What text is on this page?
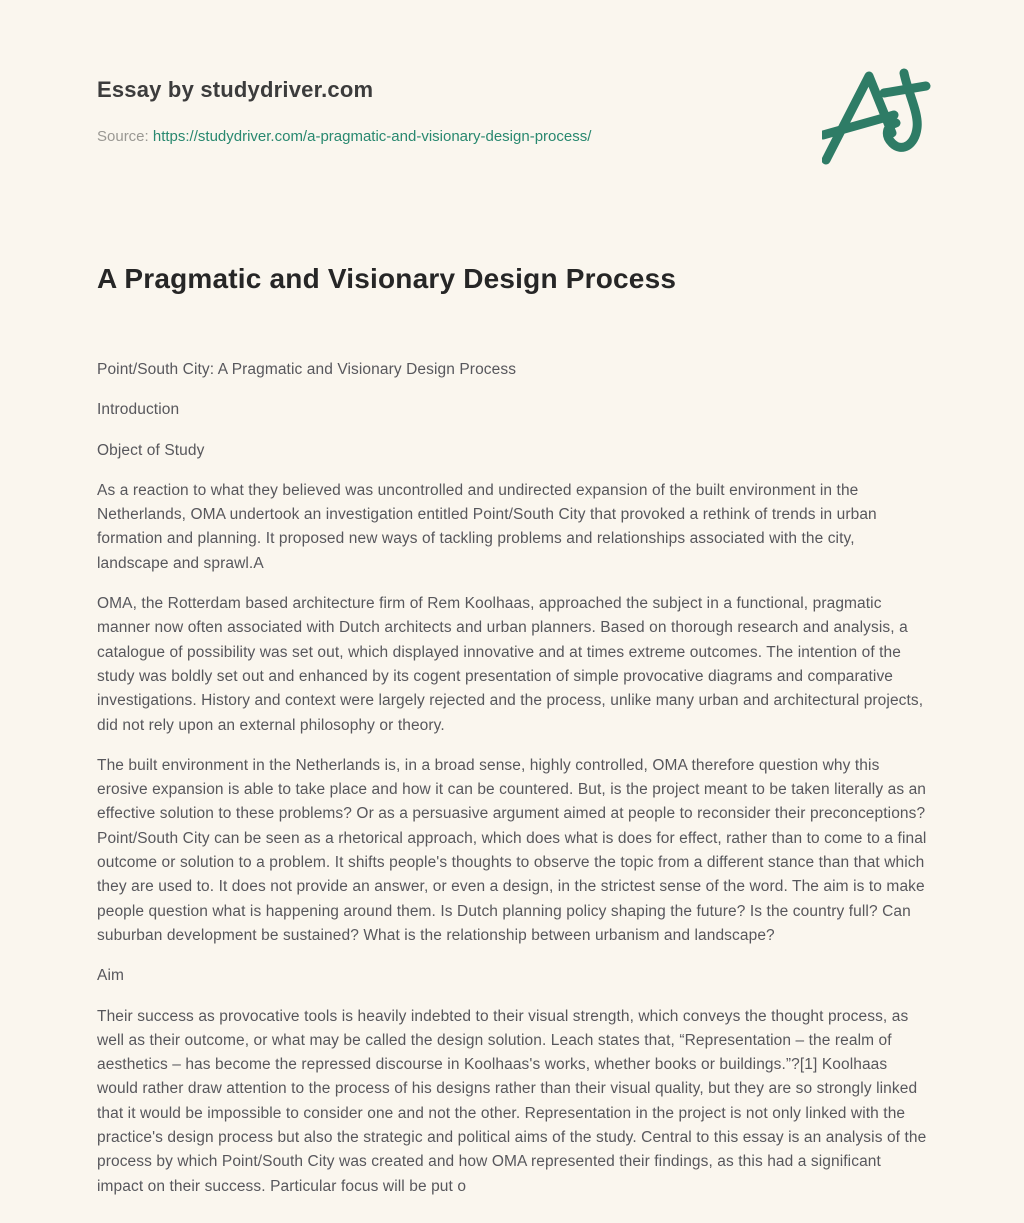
Essay by studydriver.com
Source: https://studydriver.com/a-pragmatic-and-visionary-design-process/
A Pragmatic and Visionary Design Process

Point/South City: A Pragmatic and Visionary Design Process

Introduction

Object of Study

As a reaction to what they believed was uncontrolled and undirected expansion of the built environment in the Netherlands, OMA undertook an investigation entitled Point/South City that provoked a rethink of trends in urban formation and planning. It proposed new ways of tackling problems and relationships associated with the city, landscape and sprawl.A

OMA, the Rotterdam based architecture firm of Rem Koolhaas, approached the subject in a functional, pragmatic manner now often associated with Dutch architects and urban planners. Based on thorough research and analysis, a catalogue of possibility was set out, which displayed innovative and at times extreme outcomes. The intention of the study was boldly set out and enhanced by its cogent presentation of simple provocative diagrams and comparative investigations. History and context were largely rejected and the process, unlike many urban and architectural projects, did not rely upon an external philosophy or theory.

The built environment in the Netherlands is, in a broad sense, highly controlled, OMA therefore question why this erosive expansion is able to take place and how it can be countered. But, is the project meant to be taken literally as an effective solution to these problems? Or as a persuasive argument aimed at people to reconsider their preconceptions? Point/South City can be seen as a rhetorical approach, which does what is does for effect, rather than to come to a final outcome or solution to a problem. It shifts people's thoughts to observe the topic from a different stance than that which they are used to. It does not provide an answer, or even a design, in the strictest sense of the word. The aim is to make people question what is happening around them. Is Dutch planning policy shaping the future? Is the country full? Can suburban development be sustained? What is the relationship between urbanism and landscape?

Aim

Their success as provocative tools is heavily indebted to their visual strength, which conveys the thought process, as well as their outcome, or what may be called the design solution. Leach states that, “Representation – the realm of aesthetics – has become the repressed discourse in Koolhaas's works, whether books or buildings.”?[1] Koolhaas would rather draw attention to the process of his designs rather than their visual quality, but they are so strongly linked that it would be impossible to consider one and not the other. Representation in the project is not only linked with the practice's design process but also the strategic and political aims of the study. Central to this essay is an analysis of the process by which Point/South City was created and how OMA represented their findings, as this had a significant impact on their success. Particular focus will be put o
